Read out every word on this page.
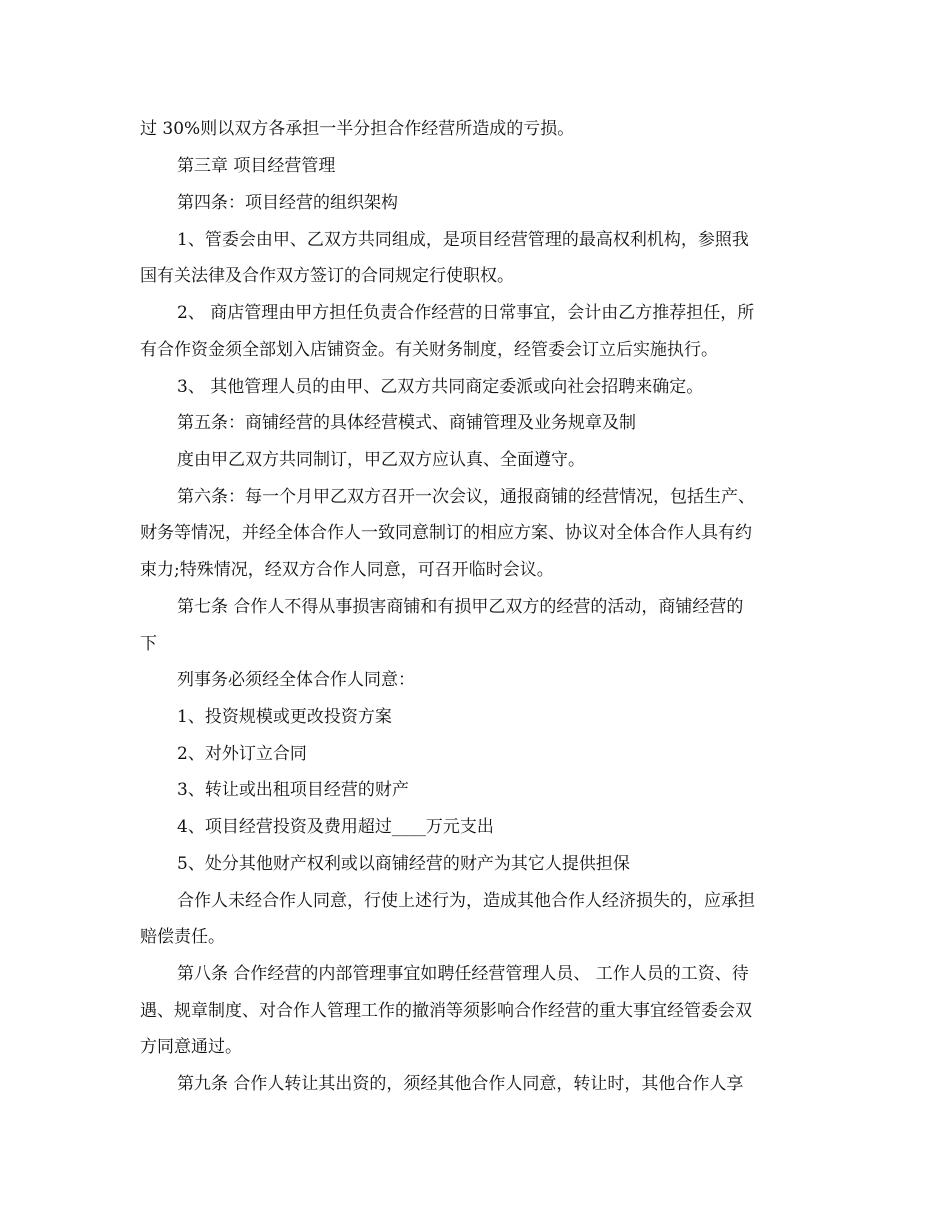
过 30%则以双方各承担一半分担合作经营所造成的亏损。
第三章 项目经营管理
第四条：项目经营的组织架构
1、管委会由甲、乙双方共同组成，是项目经营管理的最高权利机构，参照我
国有关法律及合作双方签订的合同规定行使职权。
2、 商店管理由甲方担任负责合作经营的日常事宜，会计由乙方推荐担任，所
有合作资金须全部划入店铺资金。有关财务制度，经管委会订立后实施执行。
3、 其他管理人员的由甲、乙双方共同商定委派或向社会招聘来确定。
第五条：商铺经营的具体经营模式、商铺管理及业务规章及制
度由甲乙双方共同制订，甲乙双方应认真、全面遵守。
第六条：每一个月甲乙双方召开一次会议，通报商铺的经营情况，包括生产、
财务等情况，并经全体合作人一致同意制订的相应方案、协议对全体合作人具有约
束力;特殊情况，经双方合作人同意，可召开临时会议。
第七条 合作人不得从事损害商铺和有损甲乙双方的经营的活动，商铺经营的
下
列事务必须经全体合作人同意：
1、投资规模或更改投资方案
2、对外订立合同
3、转让或出租项目经营的财产
4、项目经营投资及费用超过____万元支出
5、处分其他财产权利或以商铺经营的财产为其它人提供担保
合作人未经合作人同意，行使上述行为，造成其他合作人经济损失的，应承担
赔偿责任。
第八条 合作经营的内部管理事宜如聘任经营管理人员、 工作人员的工资、待
遇、规章制度、对合作人管理工作的撤消等须影响合作经营的重大事宜经管委会双
方同意通过。
第九条 合作人转让其出资的，须经其他合作人同意，转让时，其他合作人享
